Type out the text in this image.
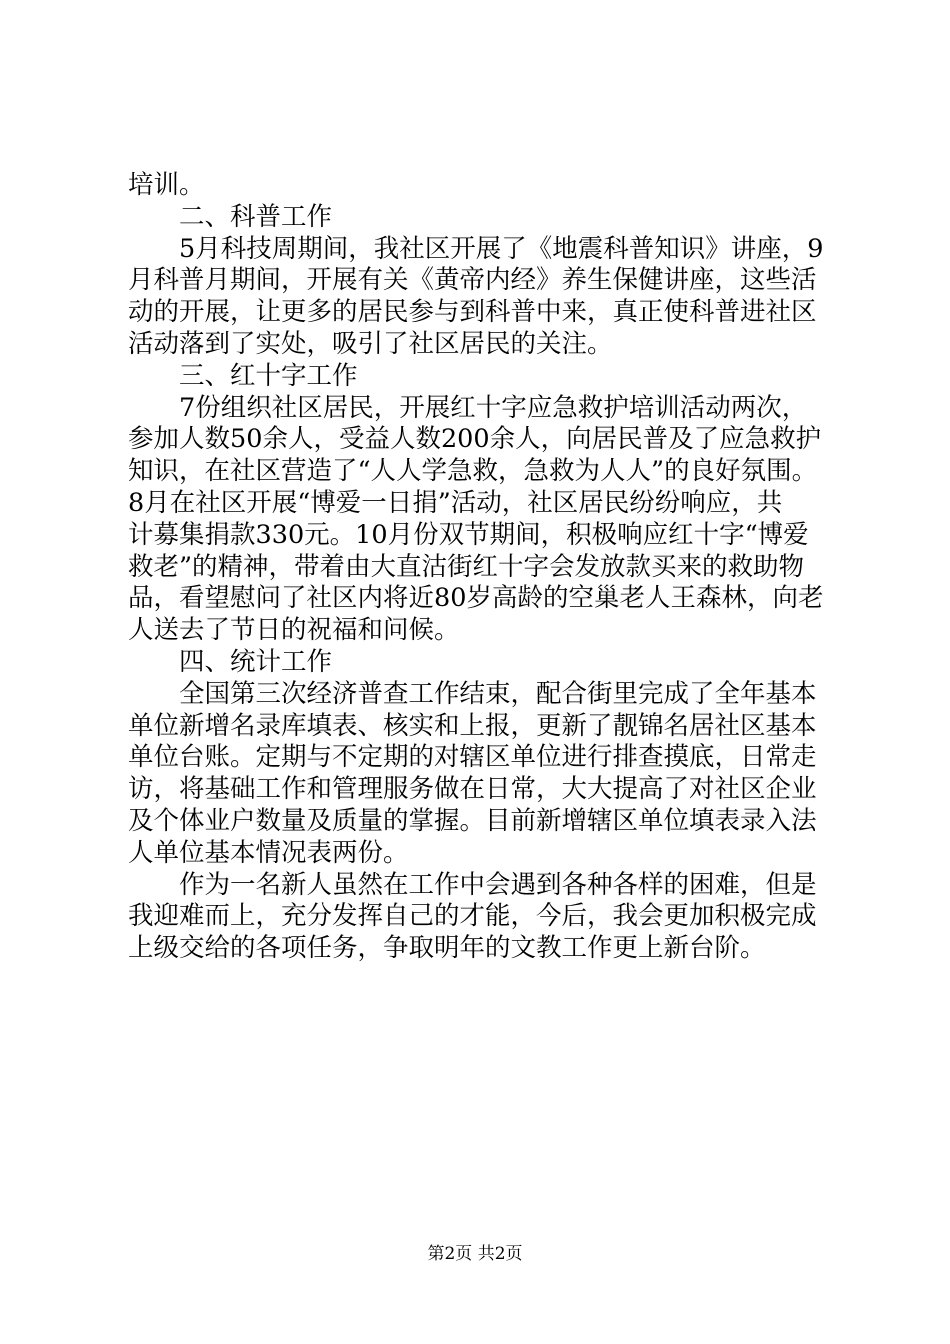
培训。
二、科普工作
5月科技周期间，我社区开展了《地震科普知识》讲座，9
月科普月期间，开展有关《黄帝内经》养生保健讲座，这些活
动的开展，让更多的居民参与到科普中来，真正使科普进社区
活动落到了实处，吸引了社区居民的关注。
三、红十字工作
7份组织社区居民，开展红十字应急救护培训活动两次，
参加人数50余人，受益人数200余人，向居民普及了应急救护
知识，在社区营造了“人人学急救，急救为人人”的良好氛围。
8月在社区开展“博爱一日捐”活动，社区居民纷纷响应，共
计募集捐款330元。10月份双节期间，积极响应红十字“博爱
救老”的精神，带着由大直沽街红十字会发放款买来的救助物
品，看望慰问了社区内将近80岁高龄的空巢老人王森林，向老
人送去了节日的祝福和问候。
四、统计工作
全国第三次经济普查工作结束，配合街里完成了全年基本
单位新增名录库填表、核实和上报，更新了靓锦名居社区基本
单位台账。定期与不定期的对辖区单位进行排查摸底，日常走
访，将基础工作和管理服务做在日常，大大提高了对社区企业
及个体业户数量及质量的掌握。目前新增辖区单位填表录入法
人单位基本情况表两份。
作为一名新人虽然在工作中会遇到各种各样的困难，但是
我迎难而上，充分发挥自己的才能，今后，我会更加积极完成
上级交给的各项任务，争取明年的文教工作更上新台阶。
第2页 共2页
